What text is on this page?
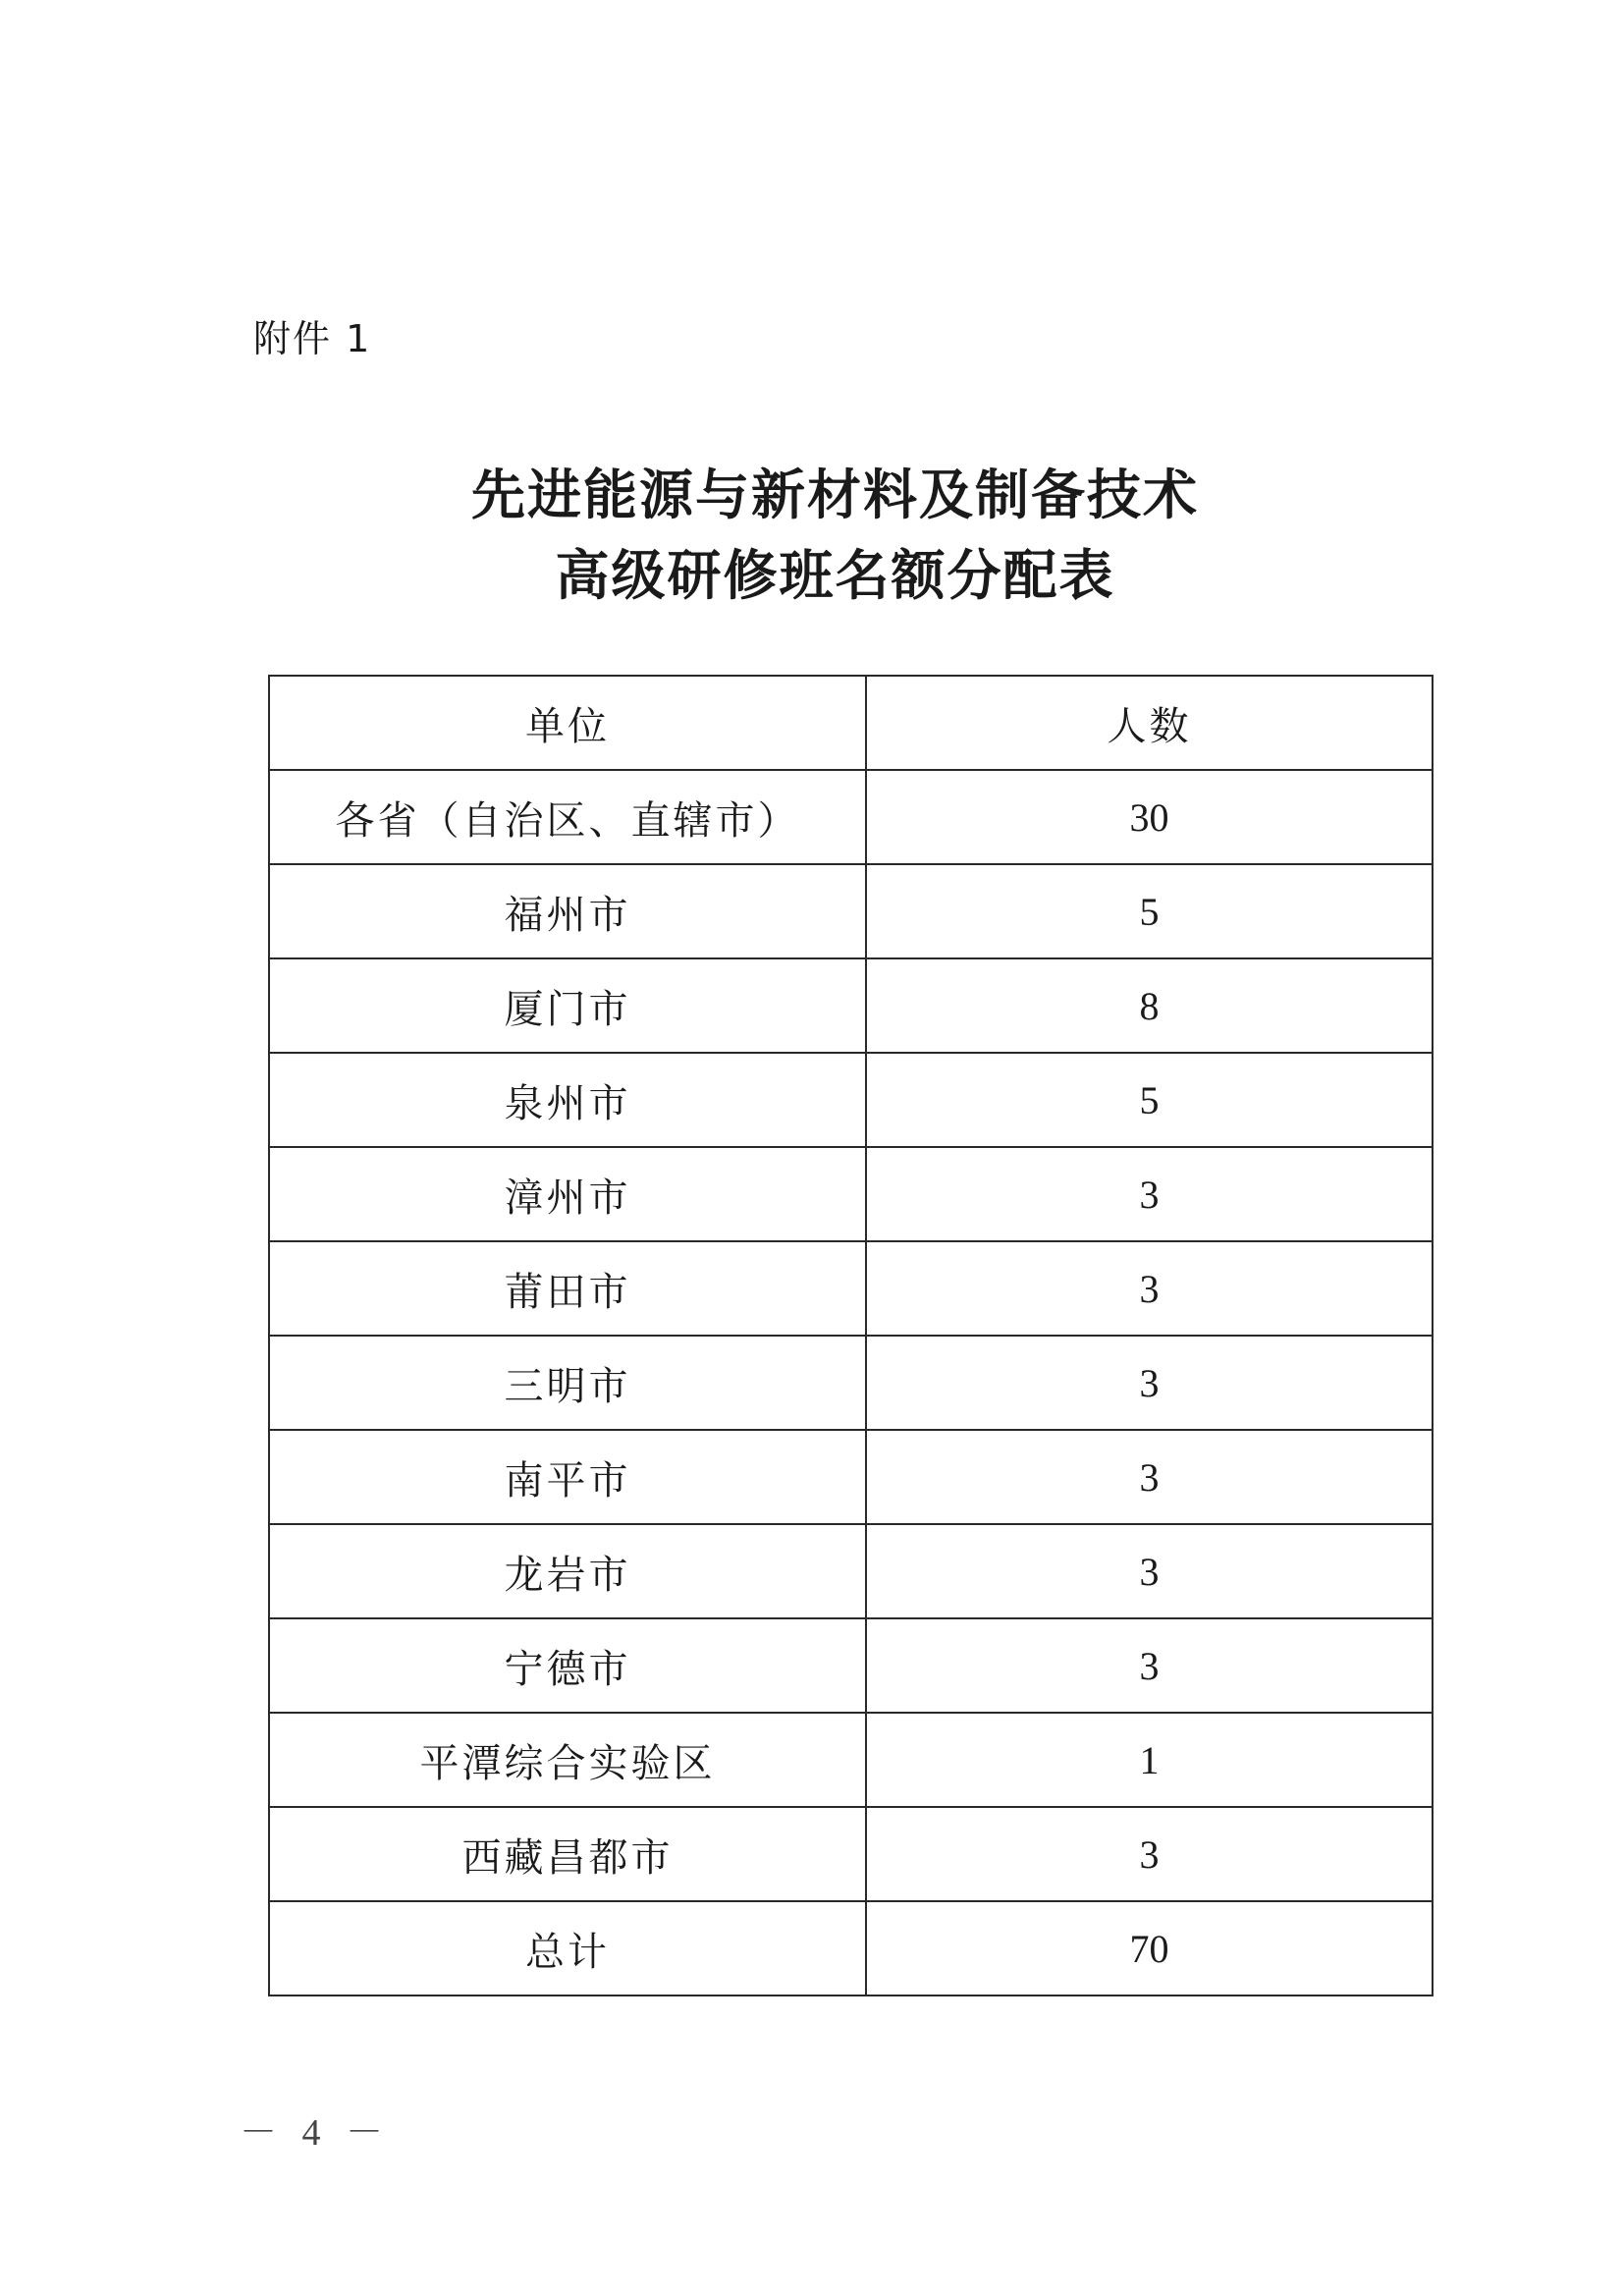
附件 1
先进能源与新材料及制备技术
高级研修班名额分配表
单位	人数
各省（自治区、直辖市）	30
福州市	5
厦门市	8
泉州市	5
漳州市	3
莆田市	3
三明市	3
南平市	3
龙岩市	3
宁德市	3
平潭综合实验区	1
西藏昌都市	3
总计	70
－ 4 －
